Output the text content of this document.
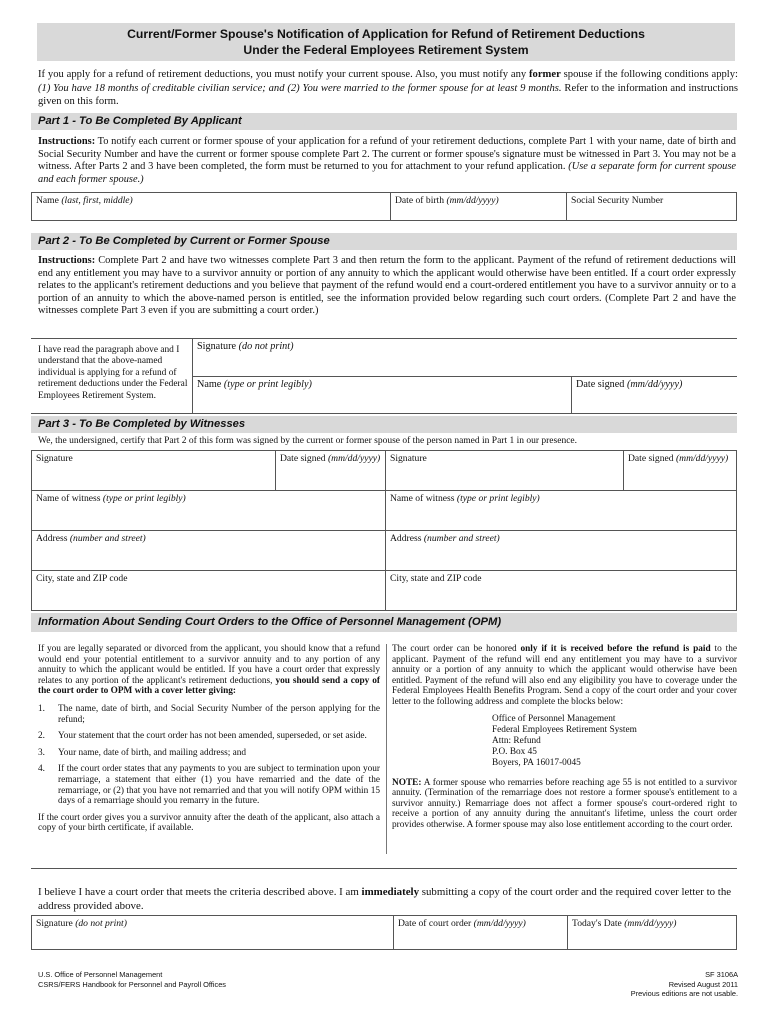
Current/Former Spouse's Notification of Application for Refund of Retirement Deductions
Under the Federal Employees Retirement System
If you apply for a refund of retirement deductions, you must notify your current spouse. Also, you must notify any former spouse if the following conditions apply: (1) You have 18 months of creditable civilian service; and (2) You were married to the former spouse for at least 9 months. Refer to the information and instructions given on this form.
Part 1 - To Be Completed By Applicant
Instructions: To notify each current or former spouse of your application for a refund of your retirement deductions, complete Part 1 with your name, date of birth and Social Security Number and have the current or former spouse complete Part 2. The current or former spouse's signature must be witnessed in Part 3. You may not be a witness. After Parts 2 and 3 have been completed, the form must be returned to you for attachment to your refund application. (Use a separate form for current spouse and each former spouse.)
Name (last, first, middle)	Date of birth (mm/dd/yyyy)	Social Security Number
Part 2 - To Be Completed by Current or Former Spouse
Instructions: Complete Part 2 and have two witnesses complete Part 3 and then return the form to the applicant. Payment of the refund of retirement deductions will end any entitlement you may have to a survivor annuity or portion of any annuity to which the applicant would otherwise have been entitled. If a court order expressly relates to the applicant's retirement deductions and you believe that payment of the refund would end a court-ordered entitlement you have to a survivor annuity or to a portion of an annuity to which the above-named person is entitled, see the information provided below regarding such court orders. (Complete Part 2 and have the witnesses complete Part 3 even if you are submitting a court order.)
I have read the paragraph above and I understand that the above-named individual is applying for a refund of retirement deductions under the Federal Employees Retirement System.
Signature (do not print)
Name (type or print legibly)	Date signed (mm/dd/yyyy)
Part 3 - To Be Completed by Witnesses
We, the undersigned, certify that Part 2 of this form was signed by the current or former spouse of the person named in Part 1 in our presence.
Signature	Date signed (mm/dd/yyyy)	Signature	Date signed (mm/dd/yyyy)
Name of witness (type or print legibly)		Name of witness (type or print legibly)	
Address (number and street)		Address (number and street)	
City, state and ZIP code		City, state and ZIP code	
Information About Sending Court Orders to the Office of Personnel Management (OPM)
If you are legally separated or divorced from the applicant, you should know that a refund would end your potential entitlement to a survivor annuity and to any portion of any annuity to which the applicant would be entitled. If you have a court order that expressly relates to any portion of the applicant's retirement deductions, you should send a copy of the court order to OPM with a cover letter giving:
1. The name, date of birth, and Social Security Number of the person applying for the refund;
2. Your statement that the court order has not been amended, superseded, or set aside.
3. Your name, date of birth, and mailing address; and
4. If the court order states that any payments to you are subject to termination upon your remarriage, a statement that either (1) you have remarried and the date of the remarriage, or (2) that you have not remarried and that you will notify OPM within 15 days of a remarriage should you remarry in the future.
If the court order gives you a survivor annuity after the death of the applicant, also attach a copy of your birth certificate, if available.
The court order can be honored only if it is received before the refund is paid to the applicant. Payment of the refund will end any entitlement you may have to a survivor annuity or a portion of any annuity to which the applicant would otherwise have been entitled. Payment of the refund will also end any eligibility you have to coverage under the Federal Employees Health Benefits Program. Send a copy of the court order and your cover letter to the following address and complete the blocks below:
Office of Personnel Management
Federal Employees Retirement System
Attn: Refund
P.O. Box 45
Boyers, PA 16017-0045
NOTE: A former spouse who remarries before reaching age 55 is not entitled to a survivor annuity. (Termination of the remarriage does not restore a former spouse's entitlement to a survivor annuity.) Remarriage does not affect a former spouse's court-ordered right to receive a portion of any annuity during the annuitant's lifetime, unless the court order provides otherwise. A former spouse may also lose entitlement according to the court order.
I believe I have a court order that meets the criteria described above. I am immediately submitting a copy of the court order and the required cover letter to the address provided above.
Signature (do not print)	Date of court order (mm/dd/yyyy)	Today's Date (mm/dd/yyyy)
U.S. Office of Personnel Management
CSRS/FERS Handbook for Personnel and Payroll Offices
SF 3106A
Revised August 2011
Previous editions are not usable.
